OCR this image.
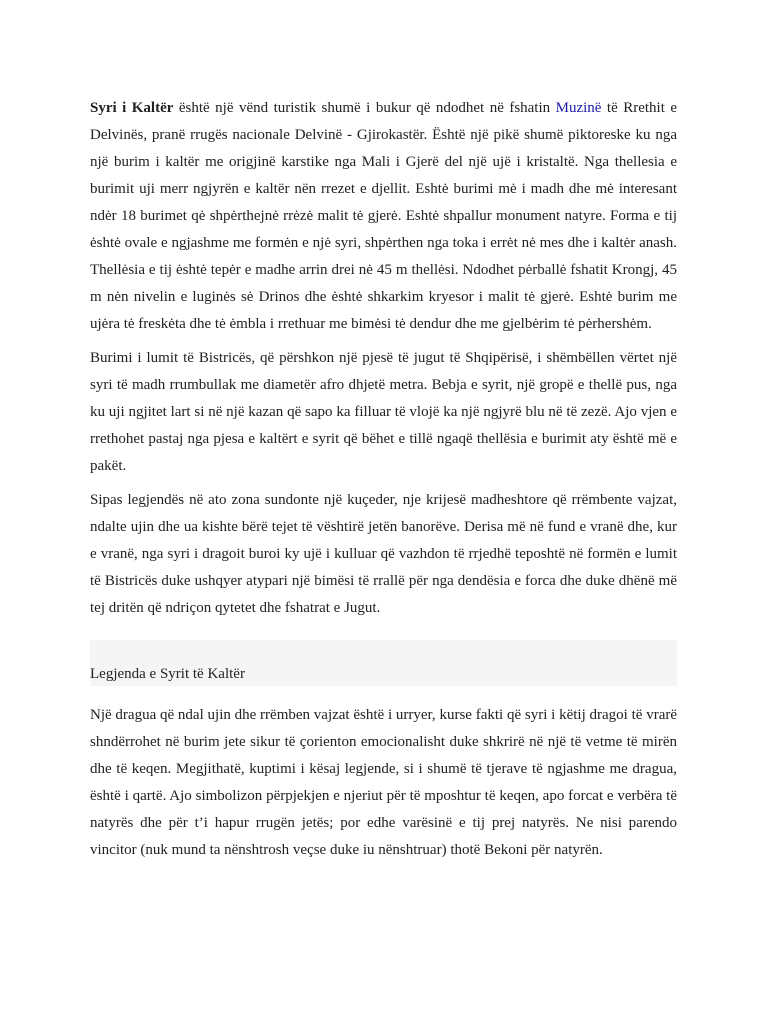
Syri i Kaltër është një vënd turistik shumë i bukur që ndodhet në fshatin Muzinë të Rrethit e Delvinës, pranë rrugës nacionale Delvinë - Gjirokastër. Është një pikë shumë piktoreske ku nga një burim i kaltër me origjinë karstike nga Mali i Gjerë del një ujë i kristaltë. Nga thellesia e burimit uji merr ngjyrën e kaltër nën rrezet e djellit. Eshtė burimi mė i madh dhe mė interesant ndėr 18 burimet qė shpėrthejnė rrėzė malit tė gjerė. Eshtė shpallur monument natyre. Forma e tij ėshtė ovale e ngjashme me formėn e njė syri, shpėrthen nga toka i errėt nė mes dhe i kaltėr anash. Thellėsia e tij ėshtė tepėr e madhe arrin drei nė 45 m thellėsi. Ndodhet pėrballė fshatit Krongj, 45 m nėn nivelin e luginės sė Drinos dhe ėshtė shkarkim kryesor i malit tė gjerė. Eshtė burim me ujėra tė freskėta dhe tė ėmbla i rrethuar me bimėsi tė dendur dhe me gjelbėrim tė pėrhershėm.

Burimi i lumit të Bistricës, që përshkon një pjesë të jugut të Shqipërisë, i shëmbëllen vërtet një syri të madh rrumbullak me diametër afro dhjetë metra. Bebja e syrit, një gropë e thellë pus, nga ku uji ngjitet lart si në një kazan që sapo ka filluar të vlojë ka një ngjyrë blu në të zezë. Ajo vjen e rrethohet pastaj nga pjesa e kaltërt e syrit që bëhet e tillë ngaqë thellësia e burimit aty është më e pakët.

Sipas legjendës në ato zona sundonte një kuçeder, nje krijesë madheshtore që rrëmbente vajzat, ndalte ujin dhe ua kishte bërë tejet të vështirë jetën banorëve. Derisa më në fund e vranë dhe, kur e vranë, nga syri i dragoit buroi ky ujë i kulluar që vazhdon të rrjedhë teposhtë në formën e lumit të Bistricës duke ushqyer atypari një bimësi të rrallë për nga dendësia e forca dhe duke dhënë më tej dritën që ndriçon qytetet dhe fshatrat e Jugut.

Legjenda e Syrit të Kaltër

Një dragua që ndal ujin dhe rrëmben vajzat është i urryer, kurse fakti që syri i këtij dragoi të vrarë shndërrohet në burim jete sikur të çorienton emocionalisht duke shkrirë në një të vetme të mirën dhe të keqen. Megjithatë, kuptimi i kësaj legjende, si i shumë të tjerave të ngjashme me dragua, është i qartë. Ajo simbolizon përpjekjen e njeriut për të mposhtur të keqen, apo forcat e verbëra të natyrës dhe për t’i hapur rrugën jetës; por edhe varësinë e tij prej natyrës. Ne nisi parendo vincitor (nuk mund ta nënshtrosh veçse duke iu nënshtruar) thotë Bekoni për natyrën.
